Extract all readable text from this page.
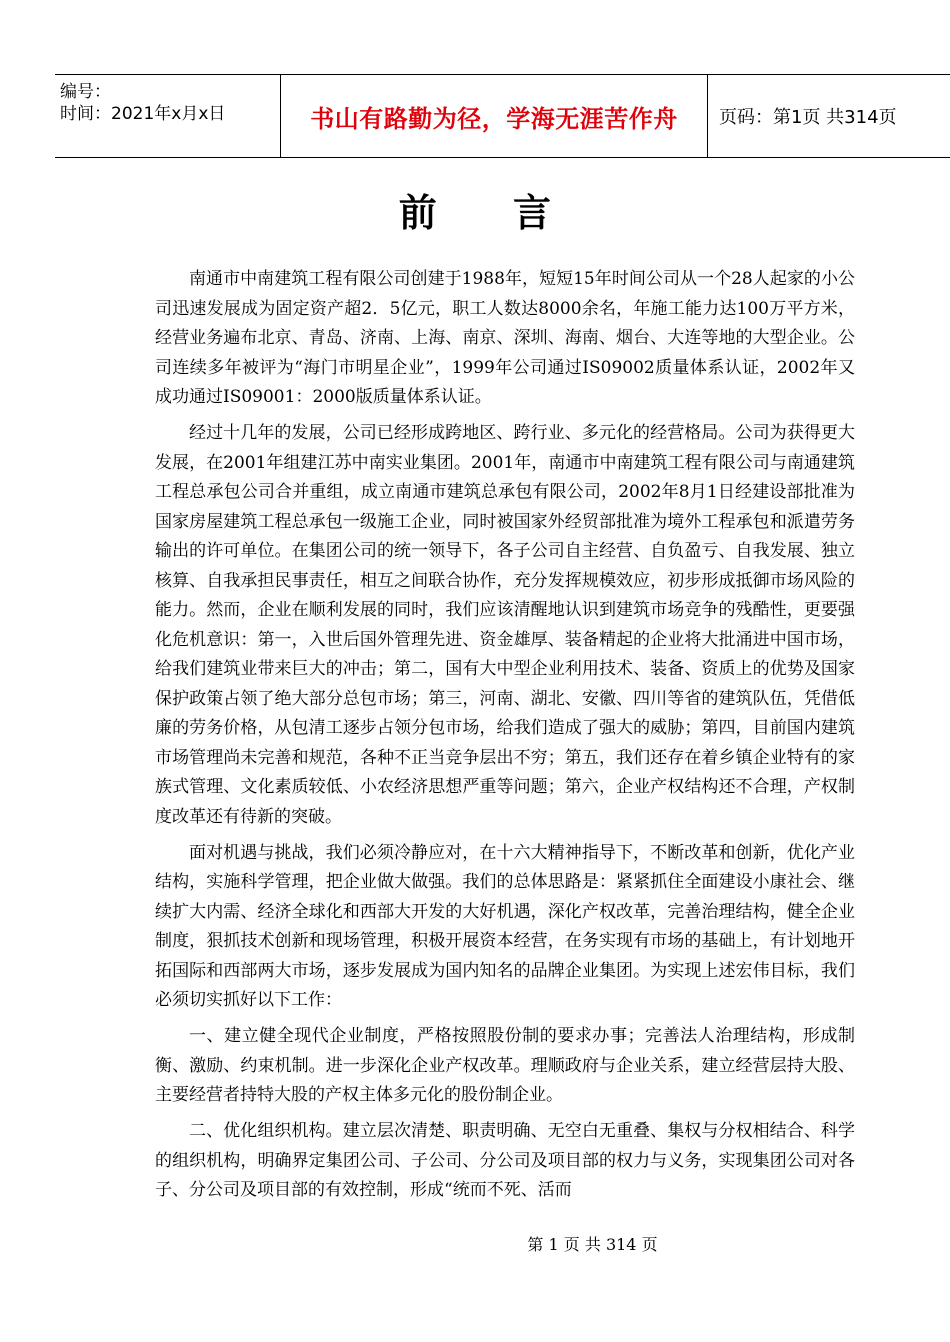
编号：
时间：2021年x月x日	书山有路勤为径，学海无涯苦作舟	页码：第1页 共314页
前 言

南通市中南建筑工程有限公司创建于1988年，短短15年时间公司从一个28人起家的小公司迅速发展成为固定资产超2．5亿元，职工人数达8000余名，年施工能力达100万平方米，经营业务遍布北京、青岛、济南、上海、南京、深圳、海南、烟台、大连等地的大型企业。公司连续多年被评为“海门市明星企业”，1999年公司通过IS09002质量体系认证，2002年又成功通过IS09001：2000版质量体系认证。

经过十几年的发展，公司已经形成跨地区、跨行业、多元化的经营格局。公司为获得更大发展，在2001年组建江苏中南实业集团。2001年，南通市中南建筑工程有限公司与南通建筑工程总承包公司合并重组，成立南通市建筑总承包有限公司，2002年8月1日经建设部批准为国家房屋建筑工程总承包一级施工企业，同时被国家外经贸部批准为境外工程承包和派遣劳务输出的许可单位。在集团公司的统一领导下，各子公司自主经营、自负盈亏、自我发展、独立核算、自我承担民事责任，相互之间联合协作，充分发挥规模效应，初步形成抵御市场风险的能力。然而，企业在顺利发展的同时，我们应该清醒地认识到建筑市场竞争的残酷性，更要强化危机意识：第一，入世后国外管理先进、资金雄厚、装备精起的企业将大批涌进中国市场，给我们建筑业带来巨大的冲击；第二，国有大中型企业利用技术、装备、资质上的优势及国家保护政策占领了绝大部分总包市场；第三，河南、湖北、安徽、四川等省的建筑队伍，凭借低廉的劳务价格，从包清工逐步占领分包市场，给我们造成了强大的威胁；第四，目前国内建筑市场管理尚未完善和规范，各种不正当竞争层出不穷；第五，我们还存在着乡镇企业特有的家族式管理、文化素质较低、小农经济思想严重等问题；第六，企业产权结构还不合理，产权制度改革还有待新的突破。

面对机遇与挑战，我们必须冷静应对，在十六大精神指导下，不断改革和创新，优化产业结构，实施科学管理，把企业做大做强。我们的总体思路是：紧紧抓住全面建设小康社会、继续扩大内需、经济全球化和西部大开发的大好机遇，深化产权改革，完善治理结构，健全企业制度，狠抓技术创新和现场管理，积极开展资本经营，在务实现有市场的基础上，有计划地开拓国际和西部两大市场，逐步发展成为国内知名的品牌企业集团。为实现上述宏伟目标，我们必须切实抓好以下工作：

一、建立健全现代企业制度，严格按照股份制的要求办事；完善法人治理结构，形成制衡、激励、约束机制。进一步深化企业产权改革。理顺政府与企业关系，建立经营层持大股、主要经营者持特大股的产权主体多元化的股份制企业。

二、优化组织机构。建立层次清楚、职责明确、无空白无重叠、集权与分权相结合、科学的组织机构，明确界定集团公司、子公司、分公司及项目部的权力与义务，实现集团公司对各子、分公司及项目部的有效控制，形成“统而不死、活而

第 1 页 共 314 页
